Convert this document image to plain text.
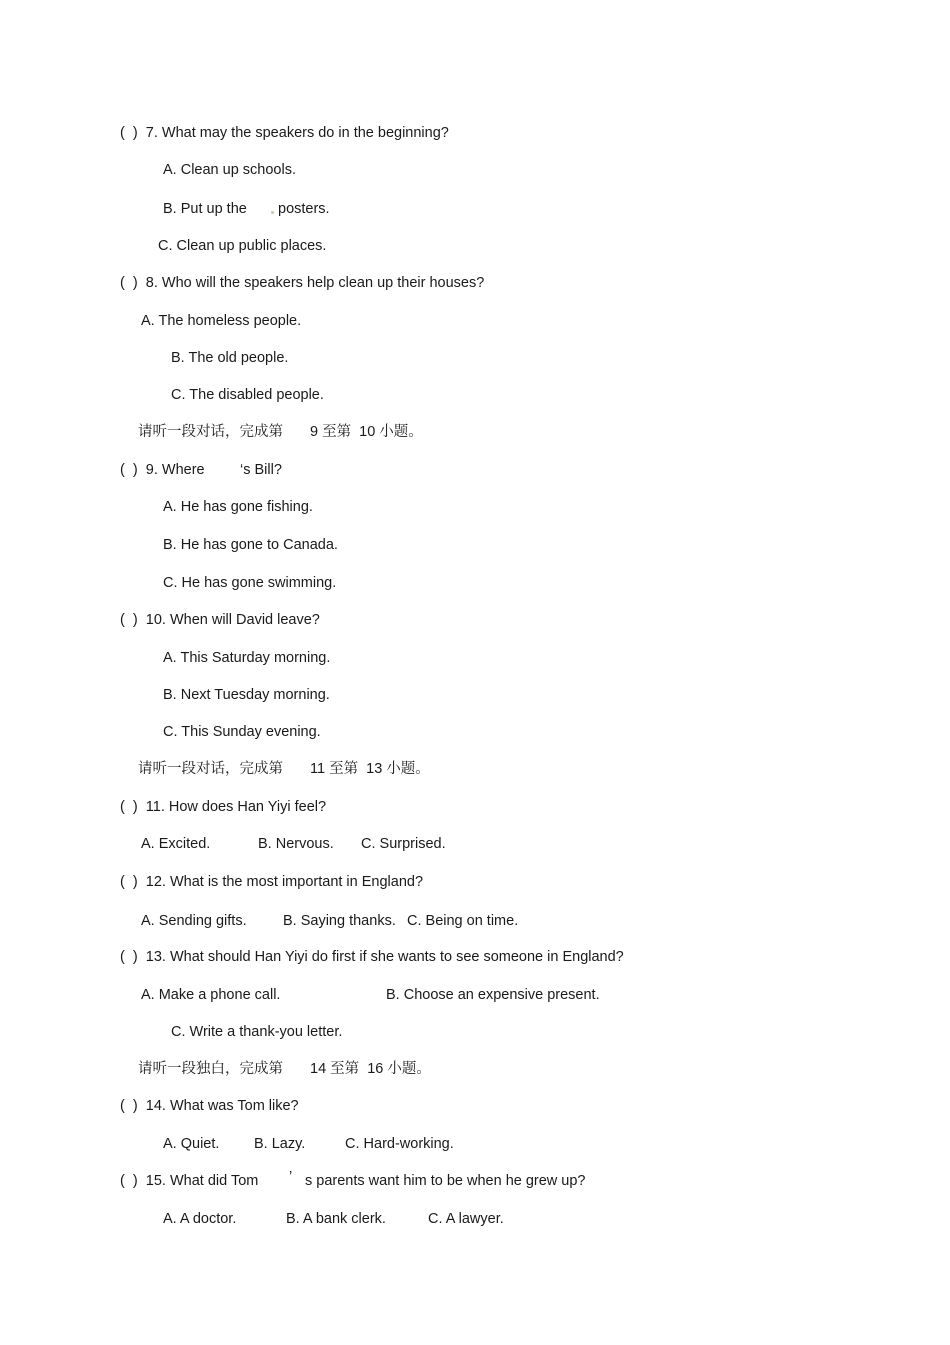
(  )  7. What may the speakers do in the beginning?
A. Clean up schools.
B. Put up the posters.
C. Clean up public places.
(  )  8. Who will the speakers help clean up their houses?
A. The homeless people.
B. The old people.
C. The disabled people.
请听一段对话，完成第 9 至第  10 小题。
(  )  9. Where ‘s Bill?
A. He has gone fishing.
B. He has gone to Canada.
C. He has gone swimming.
(  )  10. When will David leave?
A. This Saturday morning.
B. Next Tuesday morning.
C. This Sunday evening.
请听一段对话，完成第 11 至第  13 小题。
(  )  11. How does Han Yiyi feel?
A. Excited.	B. Nervous. C. Surprised.
(  )  12. What is the most important in England?
A. Sending gifts.	B. Saying thanks. C. Being on time.
(  )  13. What should Han Yiyi do first if she wants to see someone in England?
A. Make a phone call.	B. Choose an expensive present.
C. Write a thank-you letter.
请听一段独白，完成第 14 至第  16 小题。
(  )  14. What was Tom like?
A. Quiet. B. Lazy.	C. Hard-working.
(  )  15. What did Tom ’ s parents want him to be when he grew up?
A. A doctor.	B. A bank clerk.	C. A lawyer.
